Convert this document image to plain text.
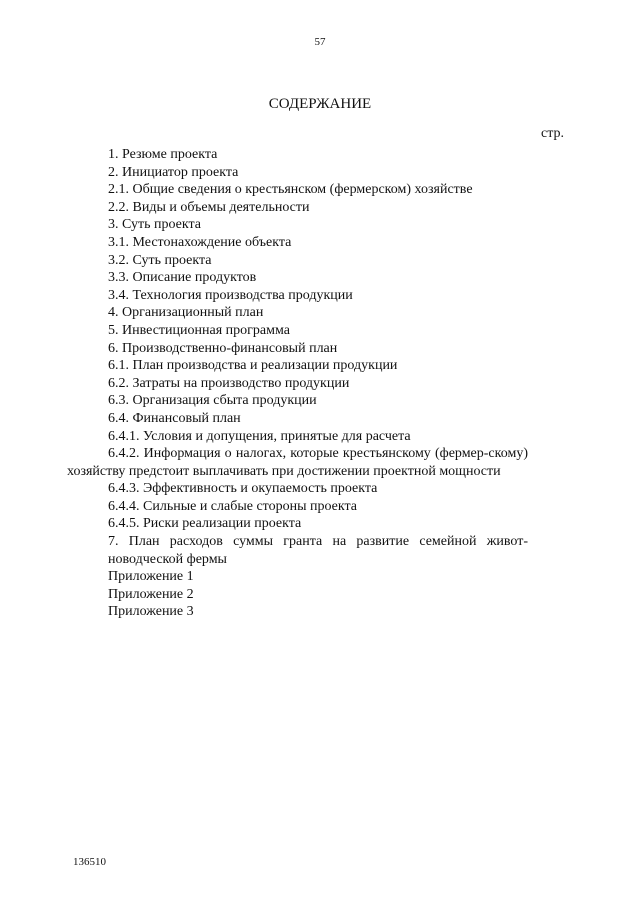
57
СОДЕРЖАНИЕ
стр.
1. Резюме проекта
2. Инициатор проекта
2.1. Общие сведения о крестьянском (фермерском) хозяйстве
2.2. Виды и объемы деятельности
3. Суть проекта
3.1. Местонахождение объекта
3.2. Суть проекта
3.3. Описание продуктов
3.4. Технология производства продукции
4. Организационный план
5. Инвестиционная программа
6. Производственно-финансовый план
6.1. План производства и реализации продукции
6.2. Затраты на производство продукции
6.3. Организация сбыта продукции
6.4. Финансовый план
6.4.1. Условия и допущения, принятые для расчета
6.4.2. Информация о налогах, которые крестьянскому (фермер-скому) хозяйству предстоит выплачивать при достижении проектной мощности
6.4.3. Эффективность и окупаемость проекта
6.4.4. Сильные и слабые стороны проекта
6.4.5. Риски реализации проекта
7. План расходов суммы гранта на развитие семейной живот-новодческой фермы
Приложение 1
Приложение 2
Приложение 3
136510
